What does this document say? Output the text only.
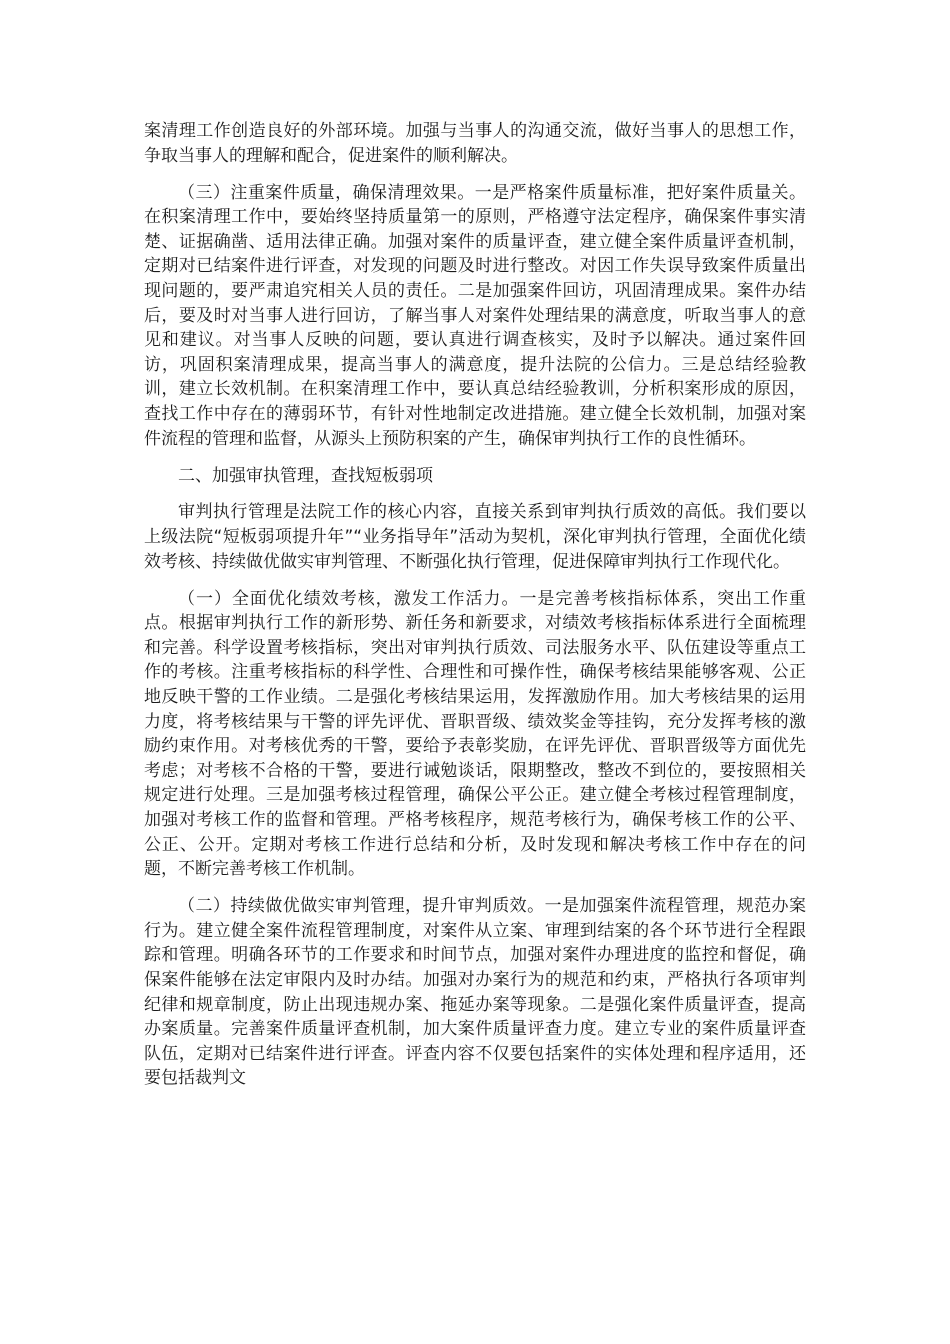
案清理工作创造良好的外部环境。加强与当事人的沟通交流，做好当事人的思想工作，争取当事人的理解和配合，促进案件的顺利解决。

（三）注重案件质量，确保清理效果。一是严格案件质量标准，把好案件质量关。在积案清理工作中，要始终坚持质量第一的原则，严格遵守法定程序，确保案件事实清楚、证据确凿、适用法律正确。加强对案件的质量评查，建立健全案件质量评查机制，定期对已结案件进行评查，对发现的问题及时进行整改。对因工作失误导致案件质量出现问题的，要严肃追究相关人员的责任。二是加强案件回访，巩固清理成果。案件办结后，要及时对当事人进行回访，了解当事人对案件处理结果的满意度，听取当事人的意见和建议。对当事人反映的问题，要认真进行调查核实，及时予以解决。通过案件回访，巩固积案清理成果，提高当事人的满意度，提升法院的公信力。三是总结经验教训，建立长效机制。在积案清理工作中，要认真总结经验教训，分析积案形成的原因，查找工作中存在的薄弱环节，有针对性地制定改进措施。建立健全长效机制，加强对案件流程的管理和监督，从源头上预防积案的产生，确保审判执行工作的良性循环。

二、加强审执管理，查找短板弱项

审判执行管理是法院工作的核心内容，直接关系到审判执行质效的高低。我们要以上级法院“短板弱项提升年”“业务指导年”活动为契机，深化审判执行管理，全面优化绩效考核、持续做优做实审判管理、不断强化执行管理，促进保障审判执行工作现代化。

（一）全面优化绩效考核，激发工作活力。一是完善考核指标体系，突出工作重点。根据审判执行工作的新形势、新任务和新要求，对绩效考核指标体系进行全面梳理和完善。科学设置考核指标，突出对审判执行质效、司法服务水平、队伍建设等重点工作的考核。注重考核指标的科学性、合理性和可操作性，确保考核结果能够客观、公正地反映干警的工作业绩。二是强化考核结果运用，发挥激励作用。加大考核结果的运用力度，将考核结果与干警的评先评优、晋职晋级、绩效奖金等挂钩，充分发挥考核的激励约束作用。对考核优秀的干警，要给予表彰奖励，在评先评优、晋职晋级等方面优先考虑；对考核不合格的干警，要进行诫勉谈话，限期整改，整改不到位的，要按照相关规定进行处理。三是加强考核过程管理，确保公平公正。建立健全考核过程管理制度，加强对考核工作的监督和管理。严格考核程序，规范考核行为，确保考核工作的公平、公正、公开。定期对考核工作进行总结和分析，及时发现和解决考核工作中存在的问题，不断完善考核工作机制。

（二）持续做优做实审判管理，提升审判质效。一是加强案件流程管理，规范办案行为。建立健全案件流程管理制度，对案件从立案、审理到结案的各个环节进行全程跟踪和管理。明确各环节的工作要求和时间节点，加强对案件办理进度的监控和督促，确保案件能够在法定审限内及时办结。加强对办案行为的规范和约束，严格执行各项审判纪律和规章制度，防止出现违规办案、拖延办案等现象。二是强化案件质量评查，提高办案质量。完善案件质量评查机制，加大案件质量评查力度。建立专业的案件质量评查队伍，定期对已结案件进行评查。评查内容不仅要包括案件的实体处理和程序适用，还要包括裁判文
